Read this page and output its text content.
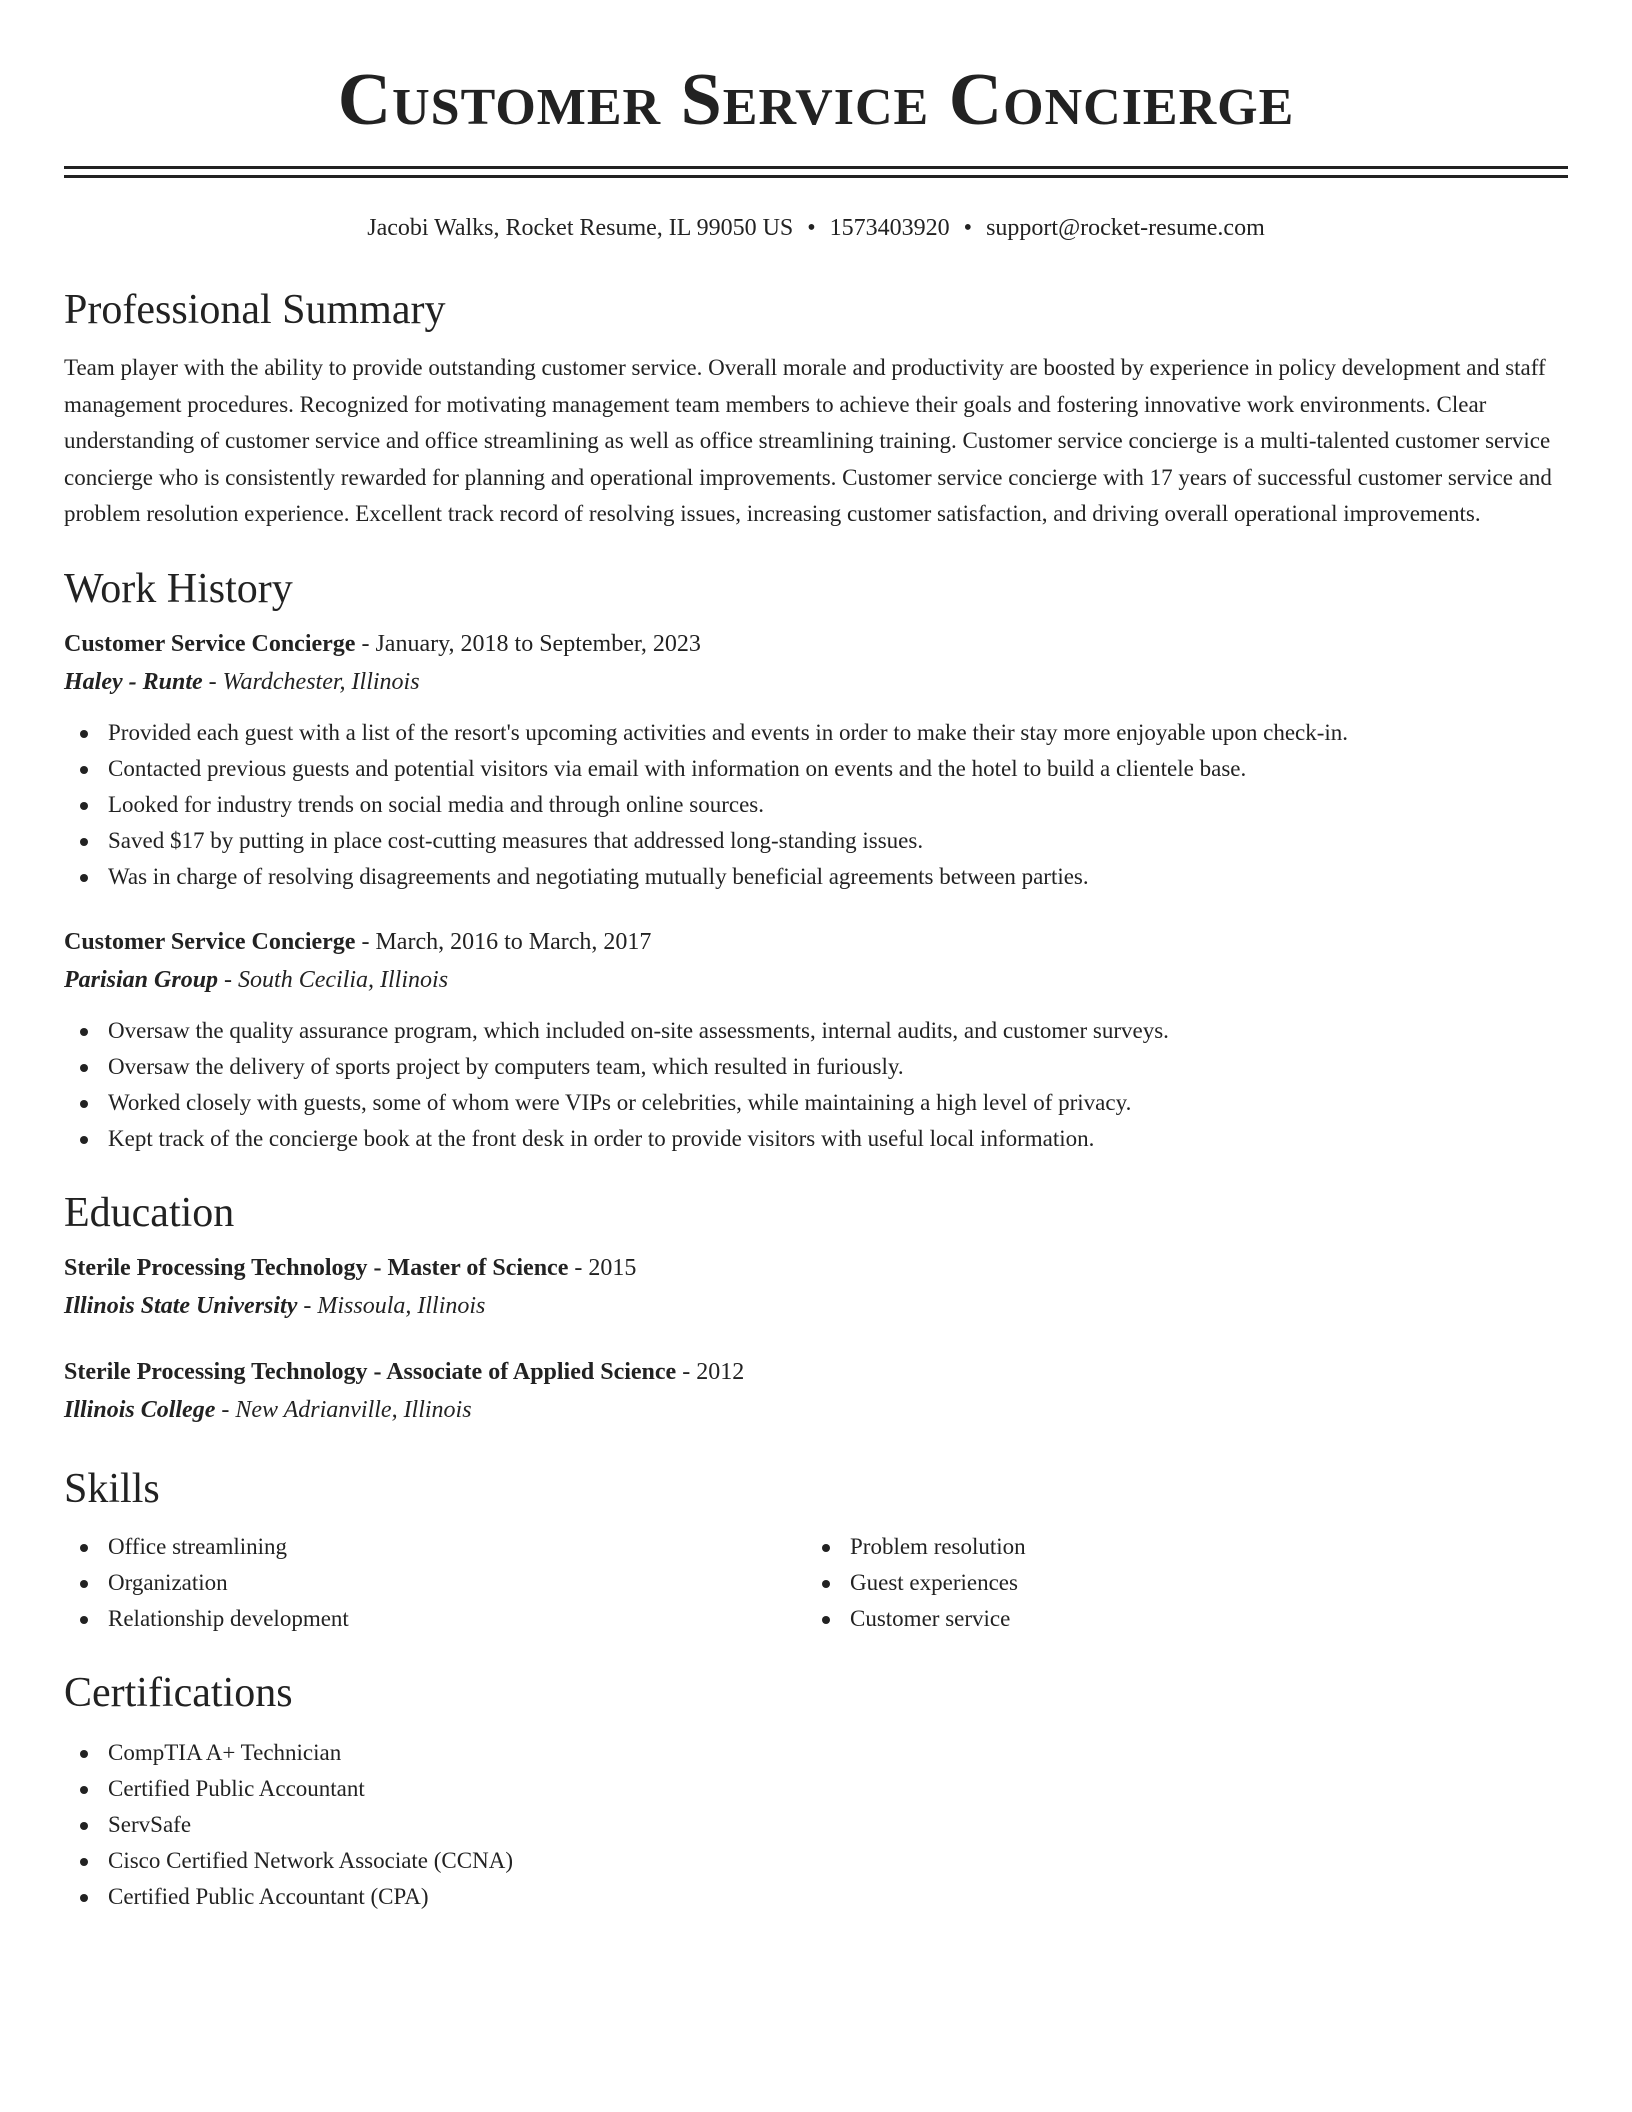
Customer Service Concierge
Jacobi Walks, Rocket Resume, IL 99050 US • 1573403920 • support@rocket-resume.com
Professional Summary
Team player with the ability to provide outstanding customer service. Overall morale and productivity are boosted by experience in policy development and staff management procedures. Recognized for motivating management team members to achieve their goals and fostering innovative work environments. Clear understanding of customer service and office streamlining as well as office streamlining training. Customer service concierge is a multi-talented customer service concierge who is consistently rewarded for planning and operational improvements. Customer service concierge with 17 years of successful customer service and problem resolution experience. Excellent track record of resolving issues, increasing customer satisfaction, and driving overall operational improvements.
Work History
Customer Service Concierge - January, 2018 to September, 2023
Haley - Runte - Wardchester, Illinois
Provided each guest with a list of the resort's upcoming activities and events in order to make their stay more enjoyable upon check-in.
Contacted previous guests and potential visitors via email with information on events and the hotel to build a clientele base.
Looked for industry trends on social media and through online sources.
Saved $17 by putting in place cost-cutting measures that addressed long-standing issues.
Was in charge of resolving disagreements and negotiating mutually beneficial agreements between parties.
Customer Service Concierge - March, 2016 to March, 2017
Parisian Group - South Cecilia, Illinois
Oversaw the quality assurance program, which included on-site assessments, internal audits, and customer surveys.
Oversaw the delivery of sports project by computers team, which resulted in furiously.
Worked closely with guests, some of whom were VIPs or celebrities, while maintaining a high level of privacy.
Kept track of the concierge book at the front desk in order to provide visitors with useful local information.
Education
Sterile Processing Technology - Master of Science - 2015
Illinois State University - Missoula, Illinois
Sterile Processing Technology - Associate of Applied Science - 2012
Illinois College - New Adrianville, Illinois
Skills
Office streamlining
Organization
Relationship development
Problem resolution
Guest experiences
Customer service
Certifications
CompTIA A+ Technician
Certified Public Accountant
ServSafe
Cisco Certified Network Associate (CCNA)
Certified Public Accountant (CPA)
